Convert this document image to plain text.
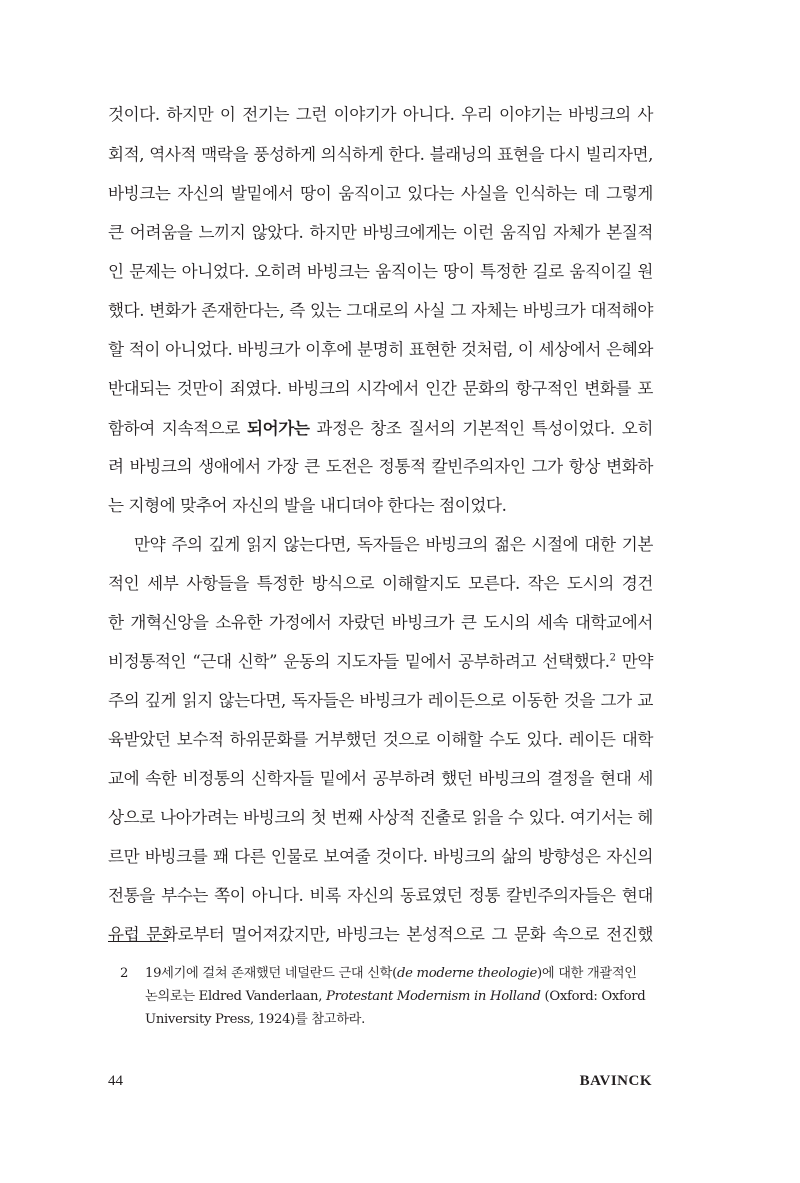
것이다. 하지만 이 전기는 그런 이야기가 아니다. 우리 이야기는 바빙크의 사
회적, 역사적 맥락을 풍성하게 의식하게 한다. 블래닝의 표현을 다시 빌리자면,
바빙크는 자신의 발밑에서 땅이 움직이고 있다는 사실을 인식하는 데 그렇게
큰 어려움을 느끼지 않았다. 하지만 바빙크에게는 이런 움직임 자체가 본질적
인 문제는 아니었다. 오히려 바빙크는 움직이는 땅이 특정한 길로 움직이길 원
했다. 변화가 존재한다는, 즉 있는 그대로의 사실 그 자체는 바빙크가 대적해야
할 적이 아니었다. 바빙크가 이후에 분명히 표현한 것처럼, 이 세상에서 은혜와
반대되는 것만이 죄였다. 바빙크의 시각에서 인간 문화의 항구적인 변화를 포
함하여 지속적으로 되어가는 과정은 창조 질서의 기본적인 특성이었다. 오히
려 바빙크의 생애에서 가장 큰 도전은 정통적 칼빈주의자인 그가 항상 변화하
는 지형에 맞추어 자신의 발을 내디뎌야 한다는 점이었다.
만약 주의 깊게 읽지 않는다면, 독자들은 바빙크의 젊은 시절에 대한 기본
적인 세부 사항들을 특정한 방식으로 이해할지도 모른다. 작은 도시의 경건
한 개혁신앙을 소유한 가정에서 자랐던 바빙크가 큰 도시의 세속 대학교에서
비정통적인 “근대 신학” 운동의 지도자들 밑에서 공부하려고 선택했다.$^2$ 만약
주의 깊게 읽지 않는다면, 독자들은 바빙크가 레이든으로 이동한 것을 그가 교
육받았던 보수적 하위문화를 거부했던 것으로 이해할 수도 있다. 레이든 대학
교에 속한 비정통의 신학자들 밑에서 공부하려 했던 바빙크의 결정을 현대 세
상으로 나아가려는 바빙크의 첫 번째 사상적 진출로 읽을 수 있다. 여기서는 헤
르만 바빙크를 꽤 다른 인물로 보여줄 것이다. 바빙크의 삶의 방향성은 자신의
전통을 부수는 쪽이 아니다. 비록 자신의 동료였던 정통 칼빈주의자들은 현대
유럽 문화로부터 멀어져갔지만, 바빙크는 본성적으로 그 문화 속으로 전진했
2 19세기에 걸쳐 존재했던 네덜란드 근대 신학(de moderne theologie)에 대한 개괄적인
논의로는 Eldred Vanderlaan, Protestant Modernism in Holland (Oxford: Oxford
University Press, 1924)를 참고하라.
44	BAVINCK
